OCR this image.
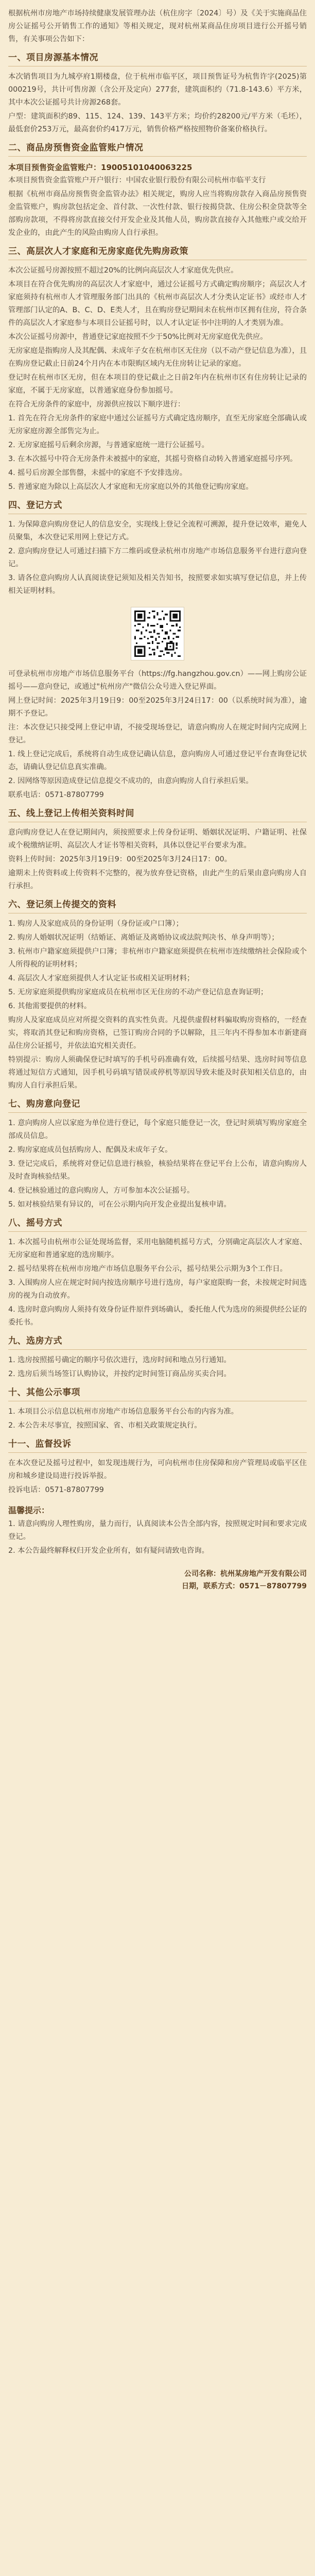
根据杭州市房地产市场持续健康发展管理办法（杭住房字〔2024〕号）及《关于实施商品住房公证摇号公开销售工作的通知》等相关规定，现对杭州某商品住房项目进行公开摇号销售，有关事项公告如下：

一、项目房源基本情况

本次销售项目为九城亭府1期楼盘，位于杭州市临平区，项目预售证号为杭售许字(2025)第000219号，共计可售房源（含公开及定向）277套，建筑面积约（71.8-143.6）平方米，其中本次公证摇号共计房源268套。

户型：建筑面积约89、115、124、139、143平方米；均价约28200元/平方米（毛坯），最低套价253万元，最高套价约417万元，销售价格严格按照物价备案价格执行。

二、商品房预售资金监管账户情况
本项目预售资金监管账户：19005101040063225

本项目预售资金监管账户开户银行：中国农业银行股份有限公司杭州市临平支行

根据《杭州市商品房预售资金监管办法》相关规定，购房人应当将购房款存入商品房预售资金监管账户，购房款包括定金、首付款、一次性付款、银行按揭贷款、住房公积金贷款等全部购房款项，不得将房款直接交付开发企业及其他人员，购房款直接存入其他账户或交给开发企业的，由此产生的风险由购房人自行承担。

三、高层次人才家庭和无房家庭优先购房政策

本次公证摇号房源按照不超过20%的比例向高层次人才家庭优先供应。

本项目在符合优先购房的高层次人才家庭中，通过公证摇号方式确定购房顺序；高层次人才家庭须持有杭州市人才管理服务部门出具的《杭州市高层次人才分类认定证书》或经市人才管理部门认定的A、B、C、D、E类人才，且在购房登记期间未在杭州市区拥有住房，符合条件的高层次人才家庭参与本项目公证摇号时，以人才认定证书中注明的人才类别为准。

本次公证摇号房源中，普通登记家庭按照不少于50%比例对无房家庭优先供应。

无房家庭是指购房人及其配偶、未成年子女在杭州市区无住房（以不动产登记信息为准），且在购房登记截止日前24个月内在本市限购区域内无住房转让记录的家庭。

登记时在杭州市区无房，但在本项目的登记截止之日前2年内在杭州市区有住房转让记录的家庭，不属于无房家庭，以普通家庭身份参加摇号。

在符合无房条件的家庭中，房源供应按以下顺序进行：

1. 首先在符合无房条件的家庭中通过公证摇号方式确定选房顺序，直至无房家庭全部确认或无房家庭房源全部售完为止。

2. 无房家庭摇号后剩余房源，与普通家庭统一进行公证摇号。

3. 在本次摇号中符合无房条件未被摇中的家庭，其摇号资格自动转入普通家庭摇号序列。

4. 摇号后房源全部售罄，未摇中的家庭不予安排选房。

5. 普通家庭为除以上高层次人才家庭和无房家庭以外的其他登记购房家庭。

四、登记方式

1. 为保障意向购房登记人的信息安全，实现线上登记全流程可溯源，提升登记效率，避免人员聚集，本次登记采用网上登记方式。

2. 意向购房登记人可通过扫描下方二维码或登录杭州市房地产市场信息服务平台进行意向登记。

3. 请各位意向购房人认真阅读登记须知及相关告知书，按照要求如实填写登记信息，并上传相关证明材料。

可登录杭州市房地产市场信息服务平台（https://fg.hangzhou.gov.cn）——网上购房公证摇号——意向登记，或通过"杭州房产"微信公众号进入登记界面。

网上登记时间：2025年3月19日9：00至2025年3月24日17：00（以系统时间为准），逾期不予登记。

注：本次登记只接受网上登记申请，不接受现场登记，请意向购房人在规定时间内完成网上登记。

1. 线上登记完成后，系统将自动生成登记确认信息，意向购房人可通过登记平台查询登记状态，请确认登记信息真实准确。

2. 因网络等原因造成登记信息提交不成功的，由意向购房人自行承担后果。

联系电话：0571-87807799

五、线上登记上传相关资料时间

意向购房登记人在登记期间内，须按照要求上传身份证明、婚姻状况证明、户籍证明、社保或个税缴纳证明、高层次人才证书等相关资料，具体以登记平台要求为准。

资料上传时间：2025年3月19日9：00至2025年3月24日17：00。

逾期未上传资料或上传资料不完整的，视为放弃登记资格，由此产生的后果由意向购房人自行承担。

六、登记须上传提交的资料

1. 购房人及家庭成员的身份证明（身份证或户口簿）；

2. 购房人婚姻状况证明（结婚证、离婚证及离婚协议或法院判决书、单身声明等）；

3. 杭州市户籍家庭须提供户口簿；非杭州市户籍家庭须提供在杭州市连续缴纳社会保险或个人所得税的证明材料；

4. 高层次人才家庭须提供人才认定证书或相关证明材料；

5. 无房家庭须提供购房家庭成员在杭州市区无住房的不动产登记信息查询证明；

6. 其他需要提供的材料。

购房人及家庭成员应对所提交资料的真实性负责。凡提供虚假材料骗取购房资格的，一经查实，将取消其登记和购房资格，已签订购房合同的予以解除，且三年内不得参加本市新建商品住房公证摇号，并依法追究相关责任。

特别提示：购房人须确保登记时填写的手机号码准确有效，后续摇号结果、选房时间等信息将通过短信方式通知，因手机号码填写错误或停机等原因导致未能及时获知相关信息的，由购房人自行承担后果。

七、购房意向登记

1. 意向购房人应以家庭为单位进行登记，每个家庭只能登记一次，登记时须填写购房家庭全部成员信息。

2. 购房家庭成员包括购房人、配偶及未成年子女。

3. 登记完成后，系统将对登记信息进行核验，核验结果将在登记平台上公布，请意向购房人及时查询核验结果。

4. 登记核验通过的意向购房人，方可参加本次公证摇号。

5. 如对核验结果有异议的，可在公示期内向开发企业提出复核申请。

八、摇号方式

1. 本次摇号由杭州市公证处现场监督，采用电脑随机摇号方式，分别确定高层次人才家庭、无房家庭和普通家庭的选房顺序。

2. 摇号结果将在杭州市房地产市场信息服务平台公示，摇号结果公示期为3个工作日。

3. 入围购房人应在规定时间内按选房顺序号进行选房，每户家庭限购一套，未按规定时间选房的视为自动放弃。

4. 选房时意向购房人须持有效身份证件原件到场确认，委托他人代为选房的须提供经公证的委托书。

九、选房方式

1. 选房按照摇号确定的顺序号依次进行，选房时间和地点另行通知。

2. 选房后须当场签订认购协议，并按约定时间签订商品房买卖合同。

十、其他公示事项

1. 本项目公示信息以杭州市房地产市场信息服务平台公布的内容为准。

2. 本公告未尽事宜，按照国家、省、市相关政策规定执行。

十一、监督投诉

在本次登记及摇号过程中，如发现违规行为，可向杭州市住房保障和房产管理局或临平区住房和城乡建设局进行投诉举报。

投诉电话：0571-87807799

温馨提示：

1. 请意向购房人理性购房，量力而行，认真阅读本公告全部内容，按照规定时间和要求完成登记。

2. 本公告最终解释权归开发企业所有，如有疑问请致电咨询。

公司名称：杭州某房地产开发有限公司
日期，联系方式：0571－87807799
